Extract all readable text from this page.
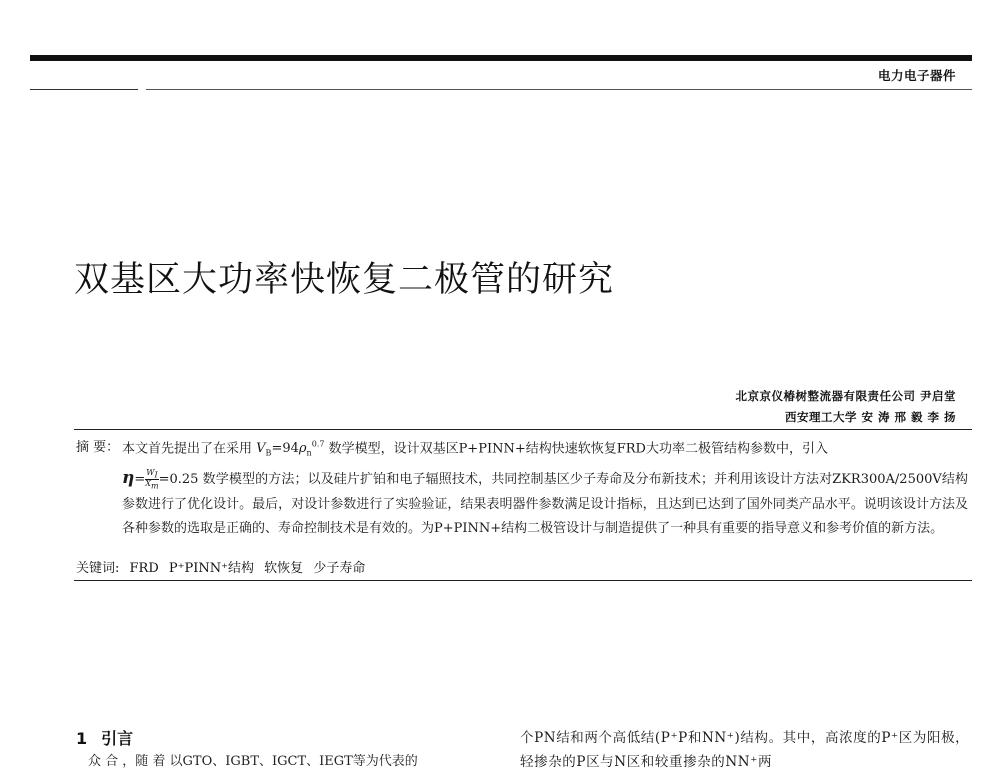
电力电子器件
双基区大功率快恢复二极管的研究
北京京仪椿树整流器有限责任公司 尹启堂
西安理工大学 安 涛 邢 毅 李 扬
摘 要： 本文首先提出了在采用 $V_B=94\rho_n^{0.7}$ 数学模型，设计双基区P+PINN+结构快速软恢复FRD大功率二极管结构参数中，引入
$\eta= \frac{W_I}{X_m} =0.25$ 数学模型的方法；以及硅片扩铂和电子辐照技术，共同控制基区少子寿命及分布新技术；并利用该设计方法对ZKR300A/2500V结构参数进行了优化设计。最后，对设计参数进行了实验验证，结果表明器件参数满足设计指标，且达到已达到了国外同类产品水平。说明该设计方法及各种参数的选取是正确的、寿命控制技术是有效的。为P+PINN+结构二极管设计与制造提供了一种具有重要的指导意义和参考价值的新方法。
关键词: FRD P⁺PINN⁺结构 软恢复 少子寿命
1 引言
众 合 ，随 着 以GTO、IGBT、IGCT、IEGT等为代表的
个PN结和两个高低结(P⁺P和NN⁺)结构。其中，高浓度的P⁺区为阳极，轻掺杂的P区与N区和较重掺杂的NN⁺两
